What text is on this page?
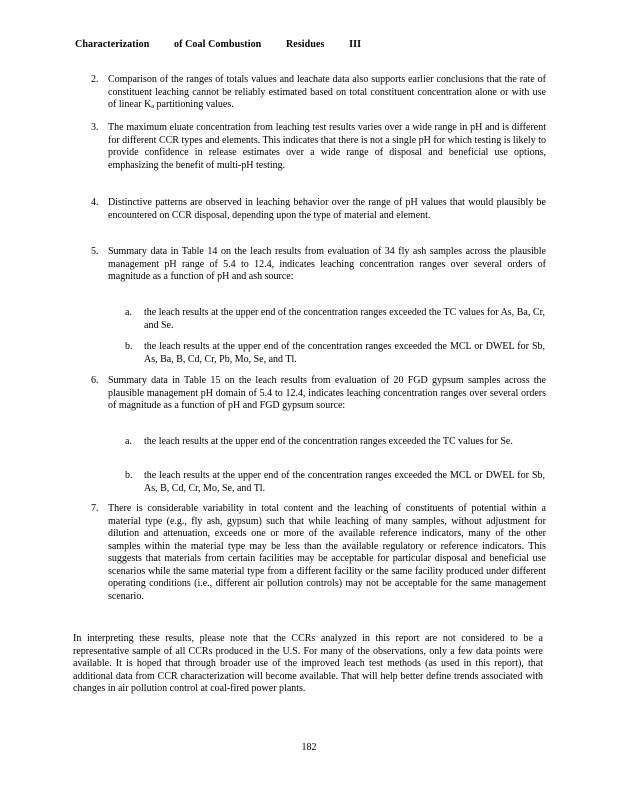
Characterization of Coal Combustion Residues III
2. Comparison of the ranges of totals values and leachate data also supports earlier conclusions that the rate of constituent leaching cannot be reliably estimated based on total constituent concentration alone or with use of linear Kₐ partitioning values.
3. The maximum eluate concentration from leaching test results varies over a wide range in pH and is different for different CCR types and elements. This indicates that there is not a single pH for which testing is likely to provide confidence in release estimates over a wide range of disposal and beneficial use options, emphasizing the benefit of multi-pH testing.
4. Distinctive patterns are observed in leaching behavior over the range of pH values that would plausibly be encountered on CCR disposal, depending upon the type of material and element.
5. Summary data in Table 14 on the leach results from evaluation of 34 fly ash samples across the plausible management pH range of 5.4 to 12.4, indicates leaching concentration ranges over several orders of magnitude as a function of pH and ash source:
a. the leach results at the upper end of the concentration ranges exceeded the TC values for As, Ba, Cr, and Se.
b. the leach results at the upper end of the concentration ranges exceeded the MCL or DWEL for Sb, As, Ba, B, Cd, Cr, Pb, Mo, Se, and Tl.
6. Summary data in Table 15 on the leach results from evaluation of 20 FGD gypsum samples across the plausible management pH domain of 5.4 to 12.4, indicates leaching concentration ranges over several orders of magnitude as a function of pH and FGD gypsum source:
a. the leach results at the upper end of the concentration ranges exceeded the TC values for Se.
b. the leach results at the upper end of the concentration ranges exceeded the MCL or DWEL for Sb, As, B, Cd, Cr, Mo, Se, and Tl.
7. There is considerable variability in total content and the leaching of constituents of potential within a material type (e.g., fly ash, gypsum) such that while leaching of many samples, without adjustment for dilution and attenuation, exceeds one or more of the available reference indicators, many of the other samples within the material type may be less than the available regulatory or reference indicators. This suggests that materials from certain facilities may be acceptable for particular disposal and beneficial use scenarios while the same material type from a different facility or the same facility produced under different operating conditions (i.e., different air pollution controls) may not be acceptable for the same management scenario.
In interpreting these results, please note that the CCRs analyzed in this report are not considered to be a representative sample of all CCRs produced in the U.S. For many of the observations, only a few data points were available. It is hoped that through broader use of the improved leach test methods (as used in this report), that additional data from CCR characterization will become available. That will help better define trends associated with changes in air pollution control at coal-fired power plants.
182
